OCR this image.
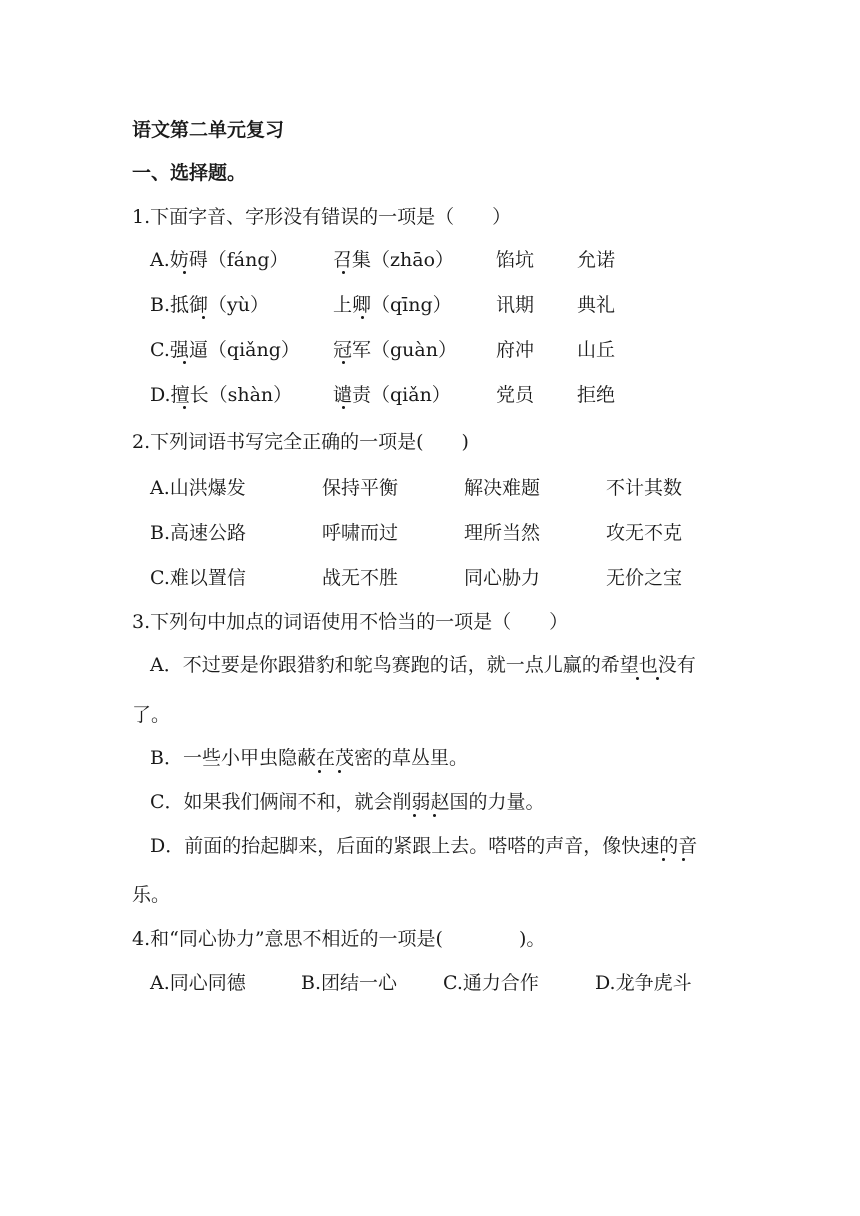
语文第二单元复习
一、选择题。
1.下面字音、字形没有错误的一项是（　　）
A.妨碍（fáng） 召集（zhāo） 馅坑 允诺
B.抵御（yù）	上卿（qīng） 讯期 典礼
C.强逼（qiǎng） 冠军（guàn） 府冲 山丘
D.擅长（shàn） 谴责（qiǎn） 党员 拒绝
2.下列词语书写完全正确的一项是(　　)
A.山洪爆发	保持平衡	解决难题	不计其数
B.高速公路	呼啸而过	理所当然	攻无不克
C.难以置信	战无不胜	同心胁力	无价之宝
3.下列句中加点的词语使用不恰当的一项是（　　）
A．不过要是你跟猎豹和鸵鸟赛跑的话，就一点儿赢的希望也没有
了。
B．一些小甲虫隐蔽在茂密的草丛里。
C．如果我们俩闹不和，就会削弱赵国的力量。
D．前面的抬起脚来，后面的紧跟上去。嗒嗒的声音，像快速的音
乐。
4.和“同心协力”意思不相近的一项是(　　　　)。
A.同心同德	B.团结一心 C.通力合作	D.龙争虎斗
